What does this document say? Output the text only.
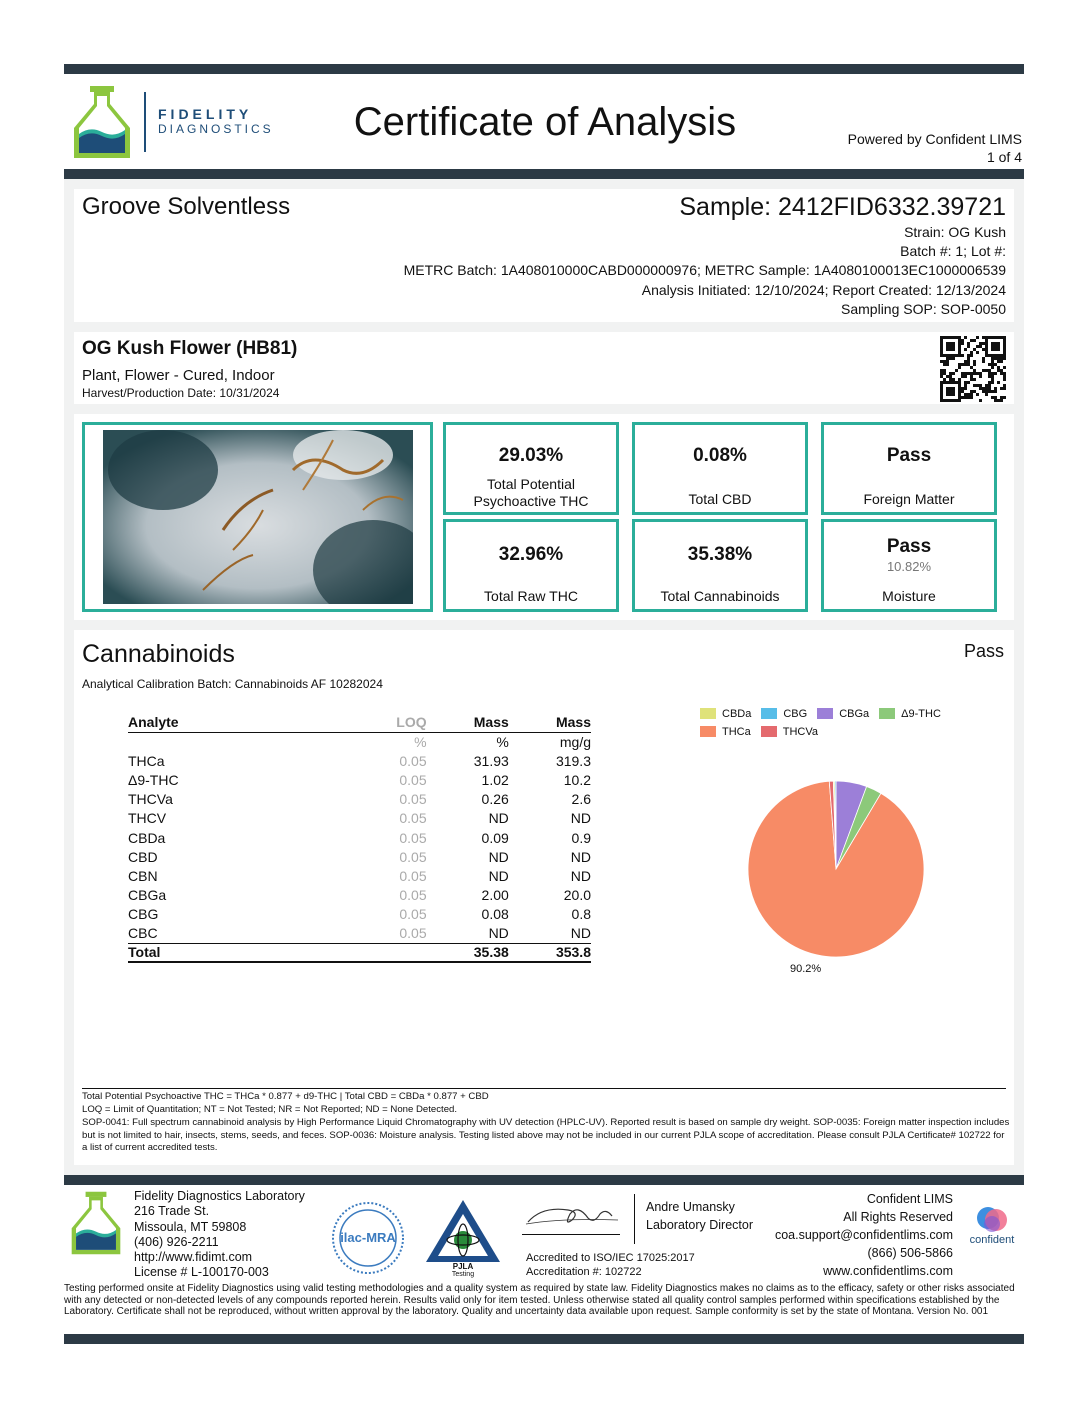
FIDELITY
DIAGNOSTICS	Certificate of Analysis	Powered by Confident LIMS
1 of 4
Groove Solventless	Sample: 2412FID6332.39721
Strain: OG Kush
Batch #: 1; Lot #:
METRC Batch: 1A408010000CABD000000976; METRC Sample: 1A4080100013EC1000006539
Analysis Initiated: 12/10/2024; Report Created: 12/13/2024
Sampling SOP: SOP-0050
OG Kush Flower (HB81)
Plant, Flower - Cured, Indoor
Harvest/Production Date: 10/31/2024
29.03%
Total Potential Psychoactive THC
0.08%
Total CBD
Pass
Foreign Matter
32.96%
Total Raw THC
35.38%
Total Cannabinoids
Pass
10.82%
Moisture
Cannabinoids	Pass
Analytical Calibration Batch: Cannabinoids AF 10282024
Analyte	LOQ	Mass	Mass
	%	%	mg/g
THCa	0.05	31.93	319.3
Δ9-THC	0.05	1.02	10.2
THCVa	0.05	0.26	2.6
THCV	0.05	ND	ND
CBDa	0.05	0.09	0.9
CBD	0.05	ND	ND
CBN	0.05	ND	ND
CBGa	0.05	2.00	20.0
CBG	0.05	0.08	0.8
CBC	0.05	ND	ND
Total		35.38	353.8
CBDa	CBG	CBGa	Δ9-THC

THCa	THCVa
90.2%
Total Potential Psychoactive THC = THCa * 0.877 + d9-THC | Total CBD = CBDa * 0.877 + CBD
LOQ = Limit of Quantitation; NT = Not Tested; NR = Not Reported; ND = None Detected.
SOP-0041: Full spectrum cannabinoid analysis by High Performance Liquid Chromatography with UV detection (HPLC-UV). Reported result is based on sample dry weight. SOP-0035: Foreign matter inspection includes but is not limited to hair, insects, stems, seeds, and feces. SOP-0036: Moisture analysis. Testing listed above may not be included in our current PJLA scope of accreditation. Please consult PJLA Certificate# 102722 for a list of current accredited tests.
Fidelity Diagnostics Laboratory
216 Trade St.
Missoula, MT 59808
(406) 926-2211
http://www.fidimt.com
License # L-100170-003
ilac-MRA
PJLA
Testing
Andre Umansky
Laboratory Director
Accredited to ISO/IEC 17025:2017
Accreditation #: 102722
Confident LIMS
All Rights Reserved
coa.support@confidentlims.com
(866) 506-5866
www.confidentlims.com
confident
Testing performed onsite at Fidelity Diagnostics using valid testing methodologies and a quality system as required by state law. Fidelity Diagnostics makes no claims as to the efficacy, safety or other risks associated with any detected or non-detected levels of any compounds reported herein. Results valid only for item tested. Unless otherwise stated all quality control samples performed within specifications established by the Laboratory. Certificate shall not be reproduced, without written approval by the laboratory. Quality and uncertainty data available upon request. Sample conformity is set by the state of Montana. Version No. 001
